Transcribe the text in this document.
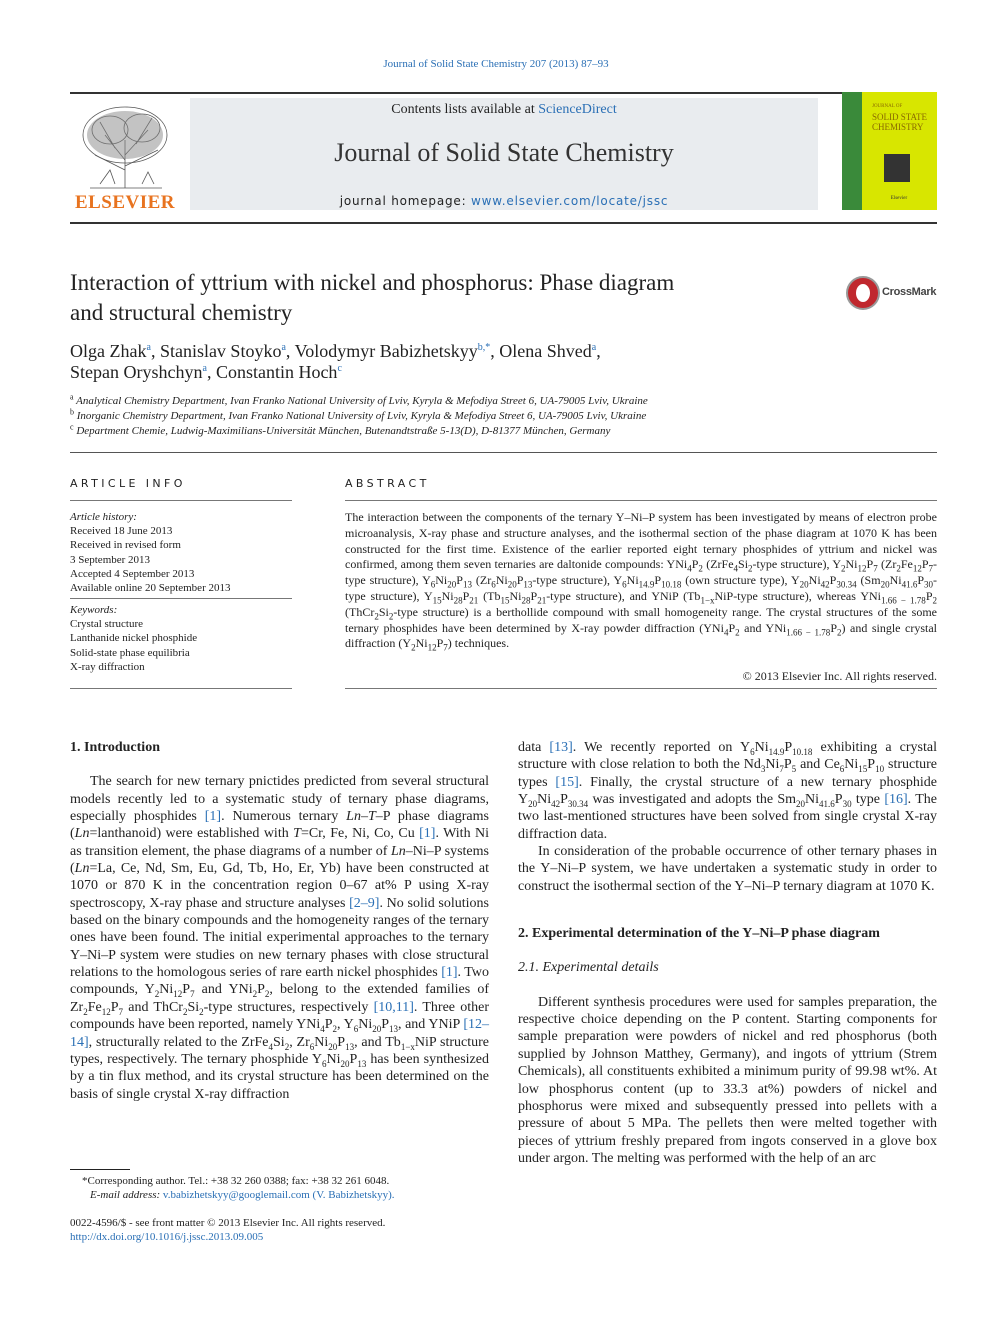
Journal of Solid State Chemistry 207 (2013) 87–93
ELSEVIER
Contents lists available at ScienceDirect
Journal of Solid State Chemistry
journal homepage: www.elsevier.com/locate/jssc
JOURNAL OF
SOLID STATE CHEMISTRY
Elsevier
Interaction of yttrium with nickel and phosphorus: Phase diagram
and structural chemistry
CrossMark
Olga Zhak$^a$, Stanislav Stoyko$^a$, Volodymyr Babizhetskyy$^{b,*}$, Olena Shved$^a$,
Stepan Oryshchyn$^a$, Constantin Hoch$^c$
$^a$ Analytical Chemistry Department, Ivan Franko National University of Lviv, Kyryla & Mefodiya Street 6, UA-79005 Lviv, Ukraine
$^b$ Inorganic Chemistry Department, Ivan Franko National University of Lviv, Kyryla & Mefodiya Street 6, UA-79005 Lviv, Ukraine
$^c$ Department Chemie, Ludwig-Maximilians-Universität München, Butenandtstraße 5-13(D), D-81377 München, Germany
ARTICLE INFO	ABSTRACT
Article history:
Received 18 June 2013
Received in revised form
3 September 2013
Accepted 4 September 2013
Available online 20 September 2013
Keywords:
Crystal structure
Lanthanide nickel phosphide
Solid-state phase equilibria
X-ray diffraction
The interaction between the components of the ternary Y–Ni–P system has been investigated by means of electron probe microanalysis, X-ray phase and structure analyses, and the isothermal section of the phase diagram at 1070 K has been constructed for the first time. Existence of the earlier reported eight ternary phosphides of yttrium and nickel was confirmed, among them seven ternaries are daltonide compounds: $YNi_4P_2$ ($ZrFe_4Si_2$-type structure), $Y_2Ni_{12}P_7$ ($Zr_2Fe_{12}P_7$-type structure), $Y_6Ni_{20}P_{13}$ ($Zr_6Ni_{20}P_{13}$-type structure), $Y_6Ni_{14.9}P_{10.18}$ (own structure type), $Y_{20}Ni_{42}P_{30.34}$ ($Sm_{20}Ni_{41.6}P_{30}$-type structure), $Y_{15}Ni_{28}P_{21}$ ($Tb_{15}Ni_{28}P_{21}$-type structure), and YNiP ($Tb_{1-x}NiP$-type structure), whereas $YNi_{1.66 - 1.78}P_2$ ($ThCr_2Si_2$-type structure) is a berthollide compound with small homogeneity range. The crystal structures of the some ternary phosphides have been determined by X-ray powder diffraction ($YNi_4P_2$ and $YNi_{1.66 - 1.78}P_2$) and single crystal diffraction $(Y_2Ni_{12}P_7)$ techniques.
© 2013 Elsevier Inc. All rights reserved.
1. Introduction

The search for new ternary pnictides predicted from several structural models recently led to a systematic study of ternary phase diagrams, especially phosphides [1]. Numerous ternary Ln–T–P phase diagrams (Ln=lanthanoid) were established with T=Cr, Fe, Ni, Co, Cu [1]. With Ni as transition element, the phase diagrams of a number of Ln–Ni–P systems (Ln=La, Ce, Nd, Sm, Eu, Gd, Tb, Ho, Er, Yb) have been constructed at 1070 or 870 K in the concentration region 0–67 at% P using X-ray spectroscopy, X-ray phase and structure analyses [2–9]. No solid solutions based on the binary compounds and the homogeneity ranges of the ternary ones have been found. The initial experimental approaches to the ternary Y–Ni–P system were studies on new ternary phases with close structural relations to the homologous series of rare earth nickel phosphides [1]. Two compounds, $Y_2Ni_{12}P_7$ and $YNi_2P_2$, belong to the extended families of $Zr_2Fe_{12}P_7$ and $ThCr_2Si_2$-type structures, respectively [10,11]. Three other compounds have been reported, namely $YNi_4P_2$, $Y_6Ni_{20}P_{13}$, and YNiP [12–14], structurally related to the $ZrFe_4Si_2$, $Zr_6Ni_{20}P_{13}$, and $Tb_{1-x}NiP$ structure types, respectively. The ternary phosphide $Y_6Ni_{20}P_{13}$ has been synthesized by a tin flux method, and its crystal structure has been determined on the basis of single crystal X-ray diffraction

data [13]. We recently reported on $Y_6Ni_{14.9}P_{10.18}$ exhibiting a crystal structure with close relation to both the $Nd_3Ni_7P_5$ and $Ce_6Ni_{15}P_{10}$ structure types [15]. Finally, the crystal structure of a new ternary phosphide $Y_{20}Ni_{42}P_{30.34}$ was investigated and adopts the $Sm_{20}Ni_{41.6}P_{30}$ type [16]. The two last-mentioned structures have been solved from single crystal X-ray diffraction data.

In consideration of the probable occurrence of other ternary phases in the Y–Ni–P system, we have undertaken a systematic study in order to construct the isothermal section of the Y–Ni–P ternary diagram at 1070 K.

2. Experimental determination of the Y–Ni–P phase diagram
2.1. Experimental details

Different synthesis procedures were used for samples preparation, the respective choice depending on the P content. Starting components for sample preparation were powders of nickel and red phosphorus (both supplied by Johnson Matthey, Germany), and ingots of yttrium (Strem Chemicals), all constituents exhibited a minimum purity of 99.98 wt%. At low phosphorus content (up to 33.3 at%) powders of nickel and phosphorus were mixed and subsequently pressed into pellets with a pressure of about 5 MPa. The pellets then were melted together with pieces of yttrium freshly prepared from ingots conserved in a glove box under argon. The melting was performed with the help of an arc

*Corresponding author. Tel.: +38 32 260 0388; fax: +38 32 261 6048.
E-mail address: v.babizhetskyy@googlemail.com (V. Babizhetskyy).
0022-4596/$ - see front matter © 2013 Elsevier Inc. All rights reserved.
http://dx.doi.org/10.1016/j.jssc.2013.09.005
